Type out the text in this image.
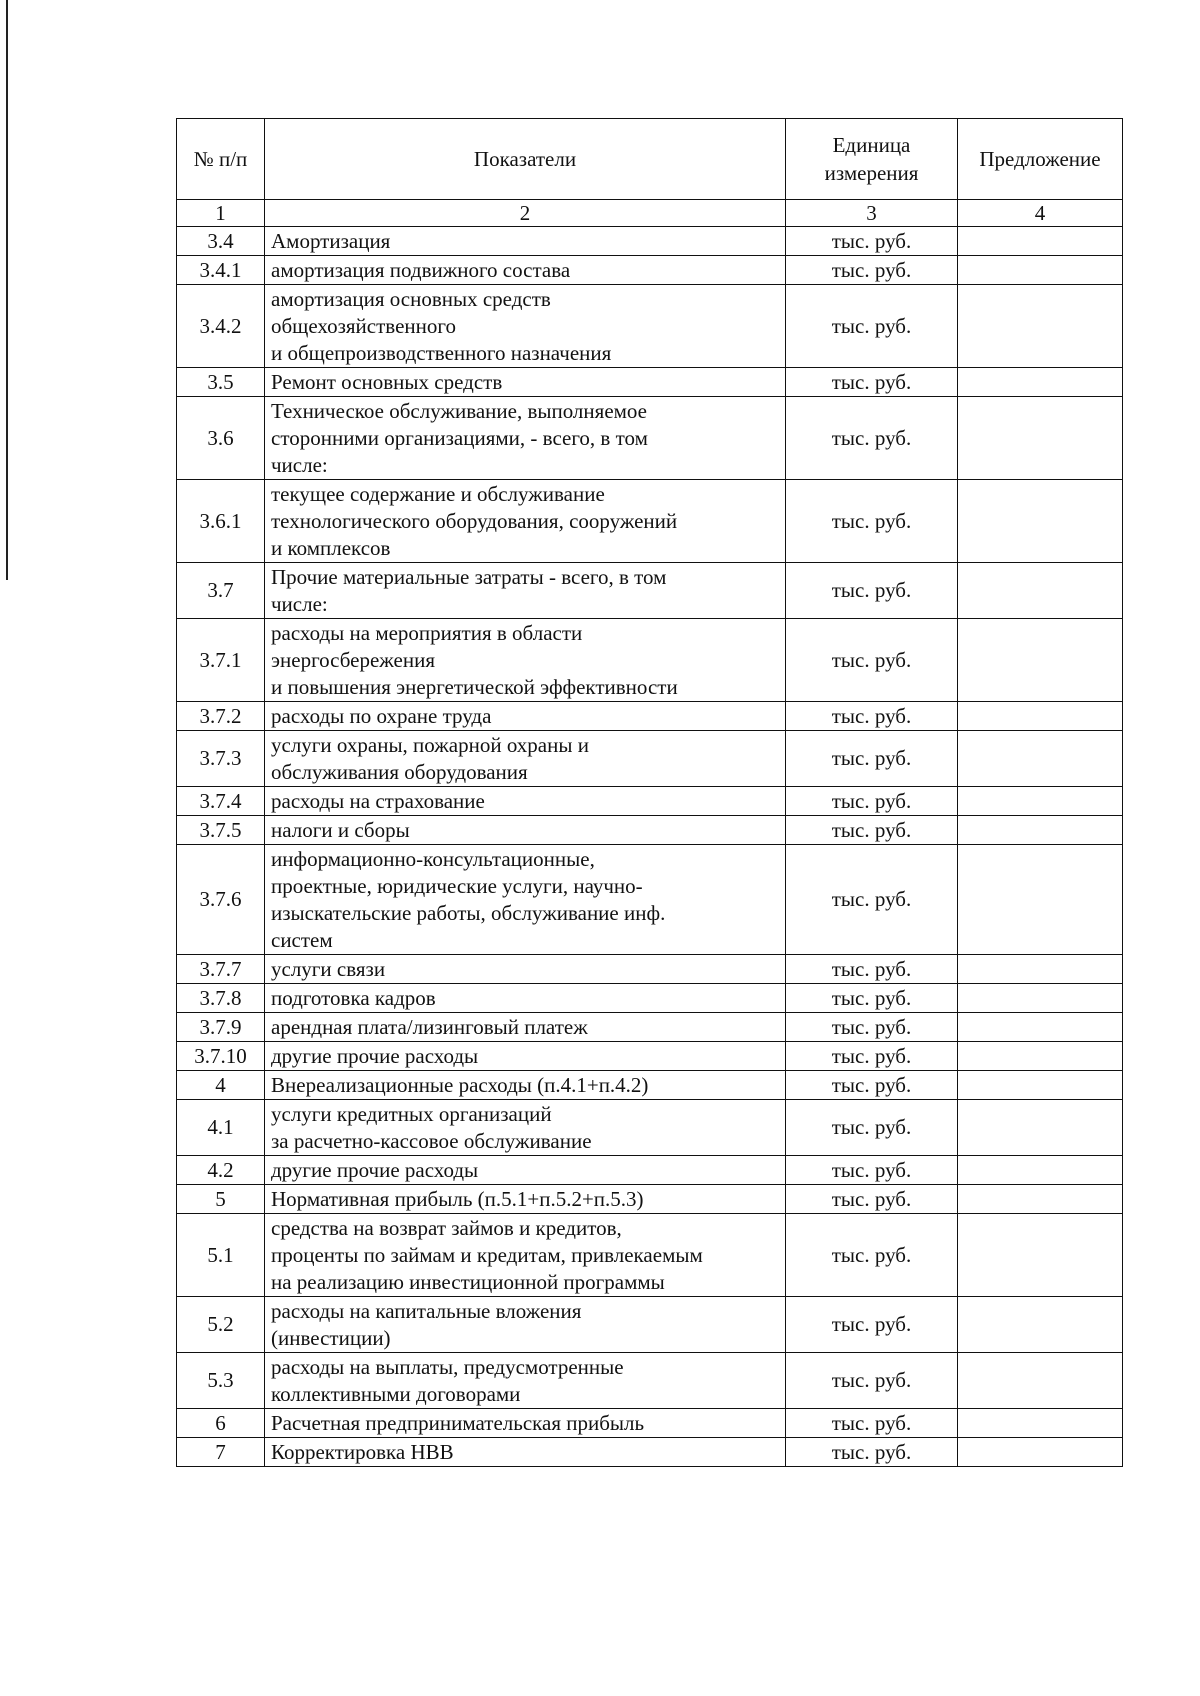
№ п/п	Показатели	Единица
измерения	Предложение
1	2	3	4
3.4	Амортизация	тыс. руб.	
3.4.1	амортизация подвижного состава	тыс. руб.	
3.4.2	амортизация основных средств
общехозяйственного
и общепроизводственного назначения	тыс. руб.	
3.5	Ремонт основных средств	тыс. руб.	
3.6	Техническое обслуживание, выполняемое
сторонними организациями, - всего, в том
числе:	тыс. руб.	
3.6.1	текущее содержание и обслуживание
технологического оборудования, сооружений
и комплексов	тыс. руб.	
3.7	Прочие материальные затраты - всего, в том
числе:	тыс. руб.	
3.7.1	расходы на мероприятия в области
энергосбережения
и повышения энергетической эффективности	тыс. руб.	
3.7.2	расходы по охране труда	тыс. руб.	
3.7.3	услуги охраны, пожарной охраны и
обслуживания оборудования	тыс. руб.	
3.7.4	расходы на страхование	тыс. руб.	
3.7.5	налоги и сборы	тыс. руб.	
3.7.6	информационно-консультационные,
проектные, юридические услуги, научно-
изыскательские работы, обслуживание инф.
систем	тыс. руб.	
3.7.7	услуги связи	тыс. руб.	
3.7.8	подготовка кадров	тыс. руб.	
3.7.9	арендная плата/лизинговый платеж	тыс. руб.	
3.7.10	другие прочие расходы	тыс. руб.	
4	Внереализационные расходы (п.4.1+п.4.2)	тыс. руб.	
4.1	услуги кредитных организаций
за расчетно-кассовое обслуживание	тыс. руб.	
4.2	другие прочие расходы	тыс. руб.	
5	Нормативная прибыль (п.5.1+п.5.2+п.5.3)	тыс. руб.	
5.1	средства на возврат займов и кредитов,
проценты по займам и кредитам, привлекаемым
на реализацию инвестиционной программы	тыс. руб.	
5.2	расходы на капитальные вложения
(инвестиции)	тыс. руб.	
5.3	расходы на выплаты, предусмотренные
коллективными договорами	тыс. руб.	
6	Расчетная предпринимательская прибыль	тыс. руб.	
7	Корректировка НВВ	тыс. руб.	
